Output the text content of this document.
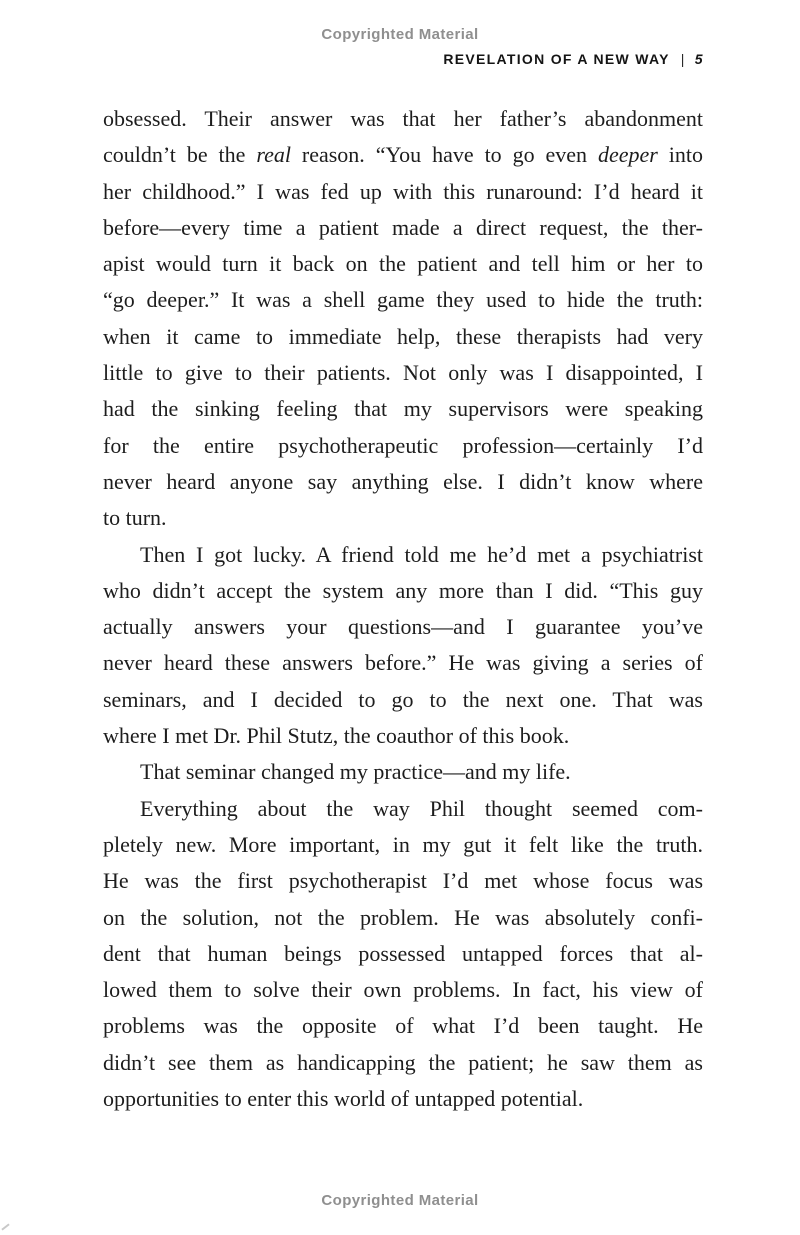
Copyrighted Material
REVELATION OF A NEW WAY | 5
obsessed. Their answer was that her father’s abandonment
couldn’t be the real reason. “You have to go even deeper into
her childhood.” I was fed up with this runaround: I’d heard it
before—every time a patient made a direct request, the ther-
apist would turn it back on the patient and tell him or her to
“go deeper.” It was a shell game they used to hide the truth:
when it came to immediate help, these therapists had very
little to give to their patients. Not only was I disappointed, I
had the sinking feeling that my supervisors were speaking
for the entire psychotherapeutic profession—certainly I’d
never heard anyone say anything else. I didn’t know where
to turn.
Then I got lucky. A friend told me he’d met a psychiatrist
who didn’t accept the system any more than I did. “This guy
actually answers your questions—and I guarantee you’ve
never heard these answers before.” He was giving a series of
seminars, and I decided to go to the next one. That was
where I met Dr. Phil Stutz, the coauthor of this book.
That seminar changed my practice—and my life.
Everything about the way Phil thought seemed com-
pletely new. More important, in my gut it felt like the truth.
He was the first psychotherapist I’d met whose focus was
on the solution, not the problem. He was absolutely confi-
dent that human beings possessed untapped forces that al-
lowed them to solve their own problems. In fact, his view of
problems was the opposite of what I’d been taught. He
didn’t see them as handicapping the patient; he saw them as
opportunities to enter this world of untapped potential.
Copyrighted Material
